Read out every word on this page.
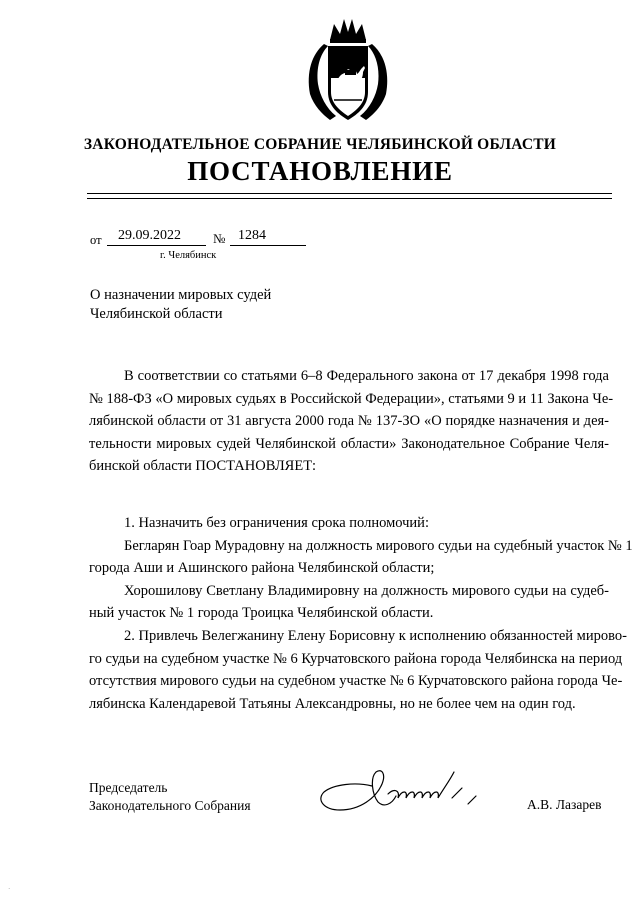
ЗАКОНОДАТЕЛЬНОЕ СОБРАНИЕ ЧЕЛЯБИНСКОЙ ОБЛАСТИ
ПОСТАНОВЛЕНИЕ
от 29.09.2022 № 1284
г. Челябинск
О назначении мировых судей
Челябинской области
В соответствии со статьями 6–8 Федерального закона от 17 декабря 1998 года
№ 188-ФЗ «О мировых судьях в Российской Федерации», статьями 9 и 11 Закона Че-
лябинской области от 31 августа 2000 года № 137-ЗО «О порядке назначения и дея-
тельности мировых судей Челябинской области» Законодательное Собрание Челя-
бинской области ПОСТАНОВЛЯЕТ:
1. Назначить без ограничения срока полномочий:
Бегларян Гоар Мурадовну на должность мирового судьи на судебный участок № 1
города Аши и Ашинского района Челябинской области;
Хорошилову Светлану Владимировну на должность мирового судьи на судеб-
ный участок № 1 города Троицка Челябинской области.
2. Привлечь Велегжанину Елену Борисовну к исполнению обязанностей мирово-
го судьи на судебном участке № 6 Курчатовского района города Челябинска на период
отсутствия мирового судьи на судебном участке № 6 Курчатовского района города Че-
лябинска Календаревой Татьяны Александровны, но не более чем на один год.
Председатель
Законодательного Собрания	А.В. Лазарев
·
